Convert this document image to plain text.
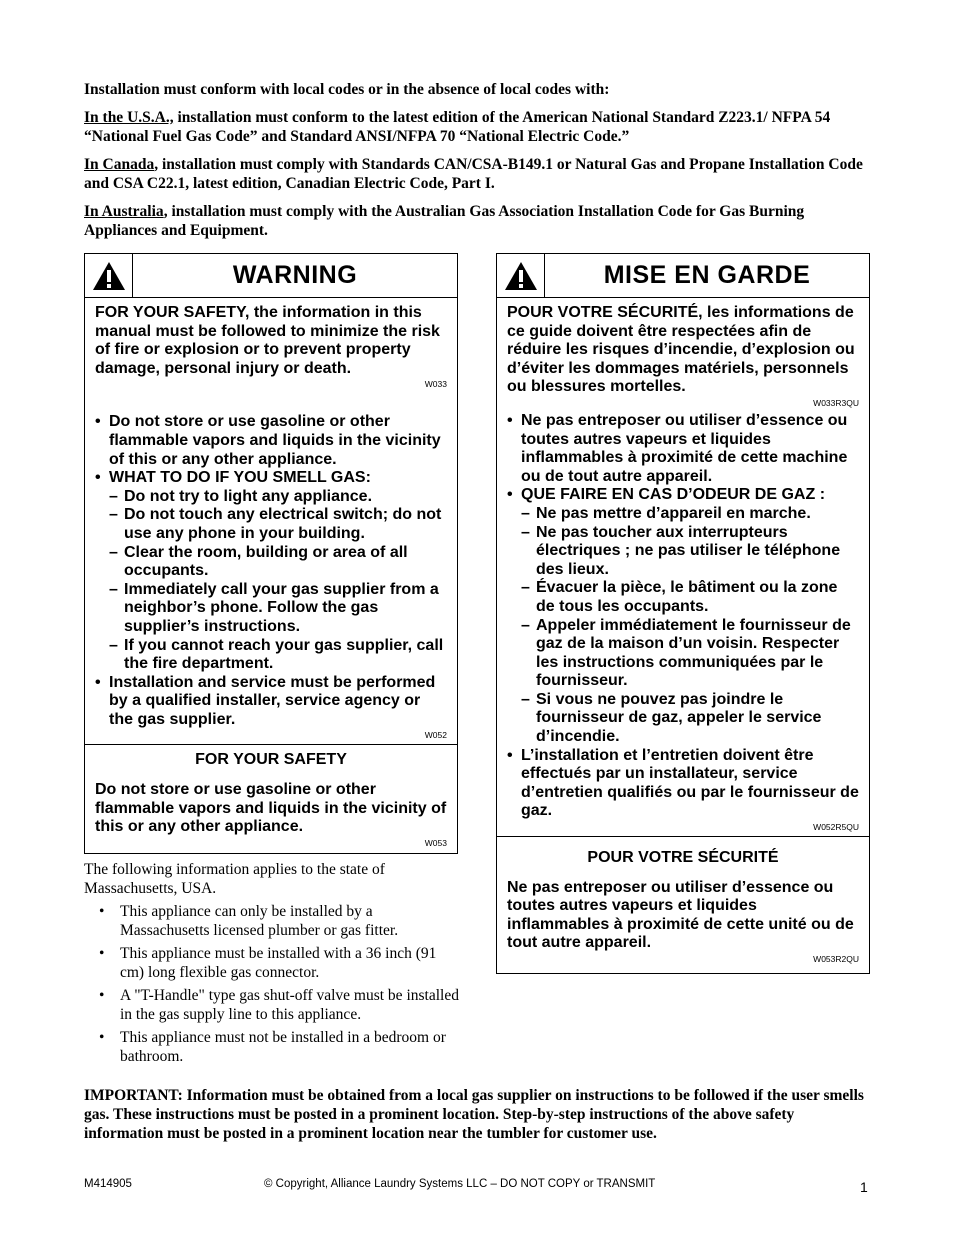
Installation must conform with local codes or in the absence of local codes with:

In the U.S.A., installation must conform to the latest edition of the American National Standard Z223.1/ NFPA 54 “National Fuel Gas Code” and Standard ANSI/NFPA 70 “National Electric Code.”

In Canada, installation must comply with Standards CAN/CSA-B149.1 or Natural Gas and Propane Installation Code and CSA C22.1, latest edition, Canadian Electric Code, Part I.

In Australia, installation must comply with the Australian Gas Association Installation Code for Gas Burning Appliances and Equipment.

WARNING

FOR YOUR SAFETY, the information in this manual must be followed to minimize the risk of fire or explosion or to prevent property damage, personal injury or death.

W033
• Do not store or use gasoline or other flammable vapors and liquids in the vicinity of this or any other appliance.
• WHAT TO DO IF YOU SMELL GAS:
– Do not try to light any appliance.
– Do not touch any electrical switch; do not use any phone in your building.
– Clear the room, building or area of all occupants.
– Immediately call your gas supplier from a neighbor’s phone. Follow the gas supplier’s instructions.
– If you cannot reach your gas supplier, call the fire department.
• Installation and service must be performed by a qualified installer, service agency or the gas supplier.
W052

FOR YOUR SAFETY

Do not store or use gasoline or other flammable vapors and liquids in the vicinity of this or any other appliance.

W053
MISE EN GARDE

POUR VOTRE SÉCURITÉ, les informations de ce guide doivent être respectées afin de réduire les risques d’incendie, d’explosion ou d’éviter les dommages matériels, personnels ou blessures mortelles.

W033R3QU
• Ne pas entreposer ou utiliser d’essence ou toutes autres vapeurs et liquides inflammables à proximité de cette machine ou de tout autre appareil.
• QUE FAIRE EN CAS D’ODEUR DE GAZ :
– Ne pas mettre d’appareil en marche.
– Ne pas toucher aux interrupteurs électriques ; ne pas utiliser le téléphone des lieux.
– Évacuer la pièce, le bâtiment ou la zone de tous les occupants.
– Appeler immédiatement le fournisseur de gaz de la maison d’un voisin. Respecter les instructions communiquées par le fournisseur.
– Si vous ne pouvez pas joindre le fournisseur de gaz, appeler le service d’incendie.
• L’installation et l’entretien doivent être effectués par un installateur, service d’entretien qualifiés ou par le fournisseur de gaz.
W052R5QU

POUR VOTRE SÉCURITÉ

Ne pas entreposer ou utiliser d’essence ou toutes autres vapeurs et liquides inflammables à proximité de cette unité ou de tout autre appareil.

W053R2QU

The following information applies to the state of Massachusetts, USA.

• This appliance can only be installed by a Massachusetts licensed plumber or gas fitter.
• This appliance must be installed with a 36 inch (91 cm) long flexible gas connector.
• A "T-Handle" type gas shut-off valve must be installed in the gas supply line to this appliance.
• This appliance must not be installed in a bedroom or bathroom.
IMPORTANT: Information must be obtained from a local gas supplier on instructions to be followed if the user smells gas. These instructions must be posted in a prominent location. Step-by-step instructions of the above safety information must be posted in a prominent location near the tumbler for customer use.
M414905	© Copyright, Alliance Laundry Systems LLC – DO NOT COPY or TRANSMIT	1
